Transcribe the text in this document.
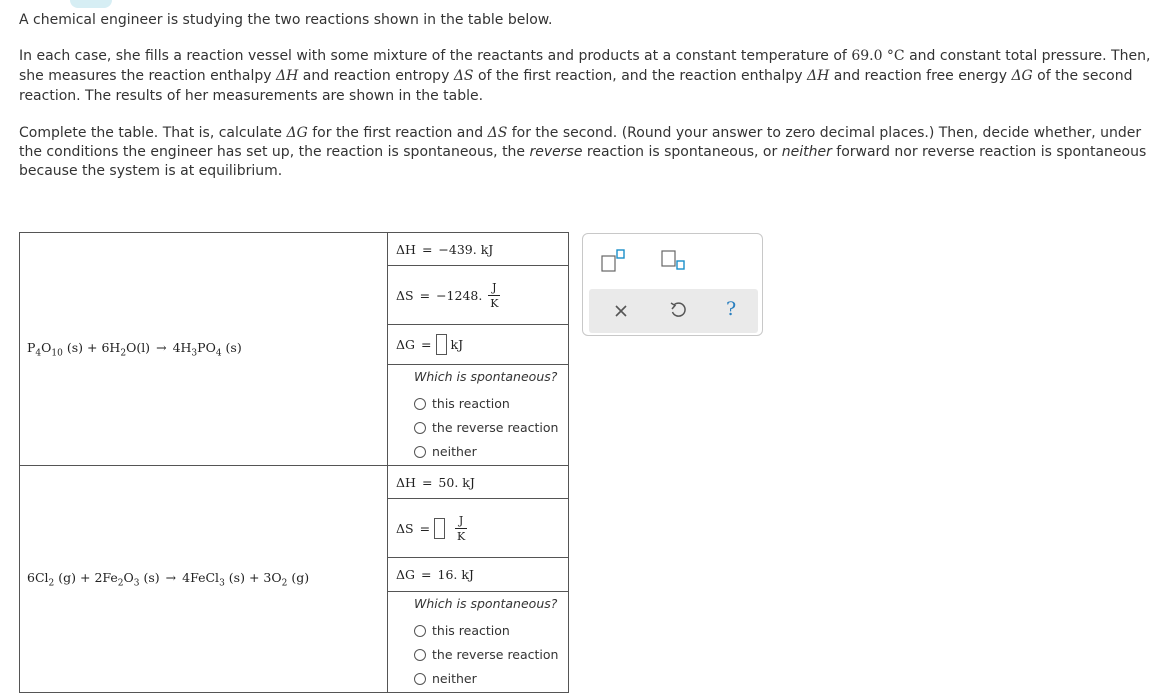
A chemical engineer is studying the two reactions shown in the table below.

In each case, she fills a reaction vessel with some mixture of the reactants and products at a constant temperature of 69.0 °C and constant total pressure. Then, she measures the reaction enthalpy ΔH and reaction entropy ΔS of the first reaction, and the reaction enthalpy ΔH and reaction free energy ΔG of the second reaction. The results of her measurements are shown in the table.

Complete the table. That is, calculate ΔG for the first reaction and ΔS for the second. (Round your answer to zero decimal places.) Then, decide whether, under the conditions the engineer has set up, the reaction is spontaneous, the reverse reaction is spontaneous, or neither forward nor reverse reaction is spontaneous because the system is at equilibrium.

$P_4O_{10}$ $(s) + 6H_2O(l) \to 4H_3PO_4$ (s)	ΔH = −439. kJ

	ΔS = −1248. $\frac{J}{K}$

	ΔG = kJ

	Which is spontaneous?
this reaction
the reverse reaction
neither

$6Cl_2$ $(g) + 2Fe_2O_3$ (s) → 4FeCl$_3$ $(s) + 3O_2$ (g)	ΔH = 50. kJ

	$\Delta S = \frac{J}{K}$

	ΔG = 16. kJ

	Which is spontaneous?
this reaction
the reverse reaction
neither
?
